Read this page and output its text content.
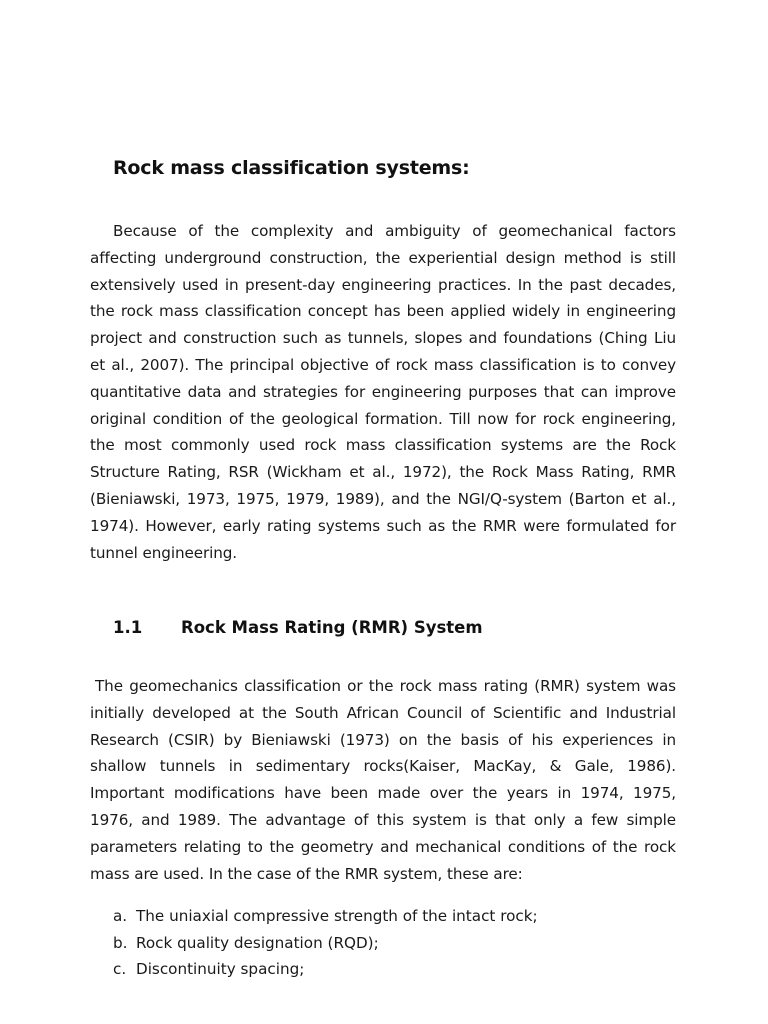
Rock mass classification systems:

Because of the complexity and ambiguity of geomechanical factors affecting underground construction, the experiential design method is still extensively used in present-day engineering practices. In the past decades, the rock mass classification concept has been applied widely in engineering project and construction such as tunnels, slopes and foundations (Ching Liu et al., 2007). The principal objective of rock mass classification is to convey quantitative data and strategies for engineering purposes that can improve original condition of the geological formation. Till now for rock engineering, the most commonly used rock mass classification systems are the Rock Structure Rating, RSR (Wickham et al., 1972), the Rock Mass Rating, RMR (Bieniawski, 1973, 1975, 1979, 1989), and the NGI/Q-system (Barton et al., 1974). However, early rating systems such as the RMR were formulated for tunnel engineering.

1.1	Rock Mass Rating (RMR) System

The geomechanics classification or the rock mass rating (RMR) system was initially developed at the South African Council of Scientific and Industrial Research (CSIR) by Bieniawski (1973) on the basis of his experiences in shallow tunnels in sedimentary rocks(Kaiser, MacKay, & Gale, 1986). Important modifications have been made over the years in 1974, 1975, 1976, and 1989. The advantage of this system is that only a few simple parameters relating to the geometry and mechanical conditions of the rock mass are used. In the case of the RMR system, these are:

a. The uniaxial compressive strength of the intact rock;
b. Rock quality designation (RQD);
c. Discontinuity spacing;
